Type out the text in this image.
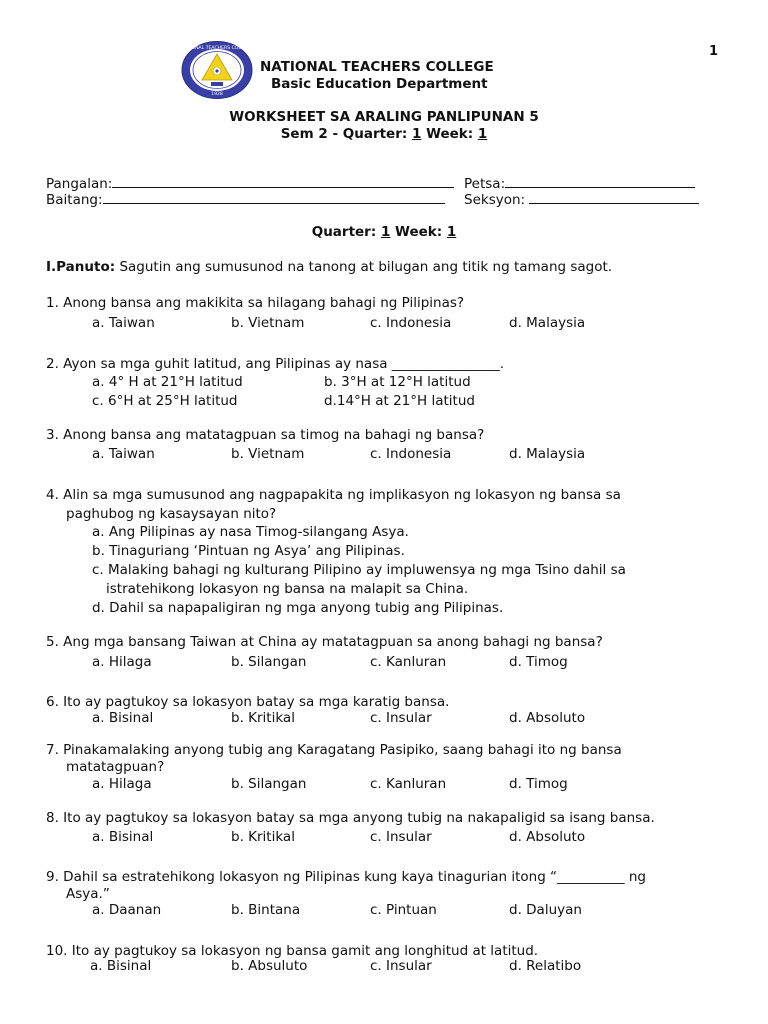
1
NATIONAL TEACHERS COLLEGE
1928
NATIONAL TEACHERS COLLEGE
Basic Education Department
WORKSHEET SA ARALING PANLIPUNAN 5
Sem 2 - Quarter: 1 Week: 1
Pangalan:	Petsa:
Baitang:	Seksyon:
Quarter: 1 Week: 1
I.Panuto: Sagutin ang sumusunod na tanong at bilugan ang titik ng tamang sagot.
1. Anong bansa ang makikita sa hilagang bahagi ng Pilipinas?
a. Taiwan	b. Vietnam	c. Indonesia	d. Malaysia
2. Ayon sa mga guhit latitud, ang Pilipinas ay nasa ________________.
a. 4° H at 21°H latitud	b. 3°H at 12°H latitud
c. 6°H at 25°H latitud	d.14°H at 21°H latitud
3. Anong bansa ang matatagpuan sa timog na bahagi ng bansa?
a. Taiwan	b. Vietnam	c. Indonesia	d. Malaysia
4. Alin sa mga sumusunod ang nagpapakita ng implikasyon ng lokasyon ng bansa sa
paghubog ng kasaysayan nito?
a. Ang Pilipinas ay nasa Timog-silangang Asya.
b. Tinaguriang ‘Pintuan ng Asya’ ang Pilipinas.
c. Malaking bahagi ng kulturang Pilipino ay impluwensya ng mga Tsino dahil sa
istratehikong lokasyon ng bansa na malapit sa China.
d. Dahil sa napapaligiran ng mga anyong tubig ang Pilipinas.
5. Ang mga bansang Taiwan at China ay matatagpuan sa anong bahagi ng bansa?
a. Hilaga	b. Silangan	c. Kanluran	d. Timog
6. Ito ay pagtukoy sa lokasyon batay sa mga karatig bansa.
a. Bisinal	b. Kritikal	c. Insular	d. Absoluto
7. Pinakamalaking anyong tubig ang Karagatang Pasipiko, saang bahagi ito ng bansa
matatagpuan?
a. Hilaga	b. Silangan	c. Kanluran	d. Timog
8. Ito ay pagtukoy sa lokasyon batay sa mga anyong tubig na nakapaligid sa isang bansa.
a. Bisinal	b. Kritikal	c. Insular	d. Absoluto
9. Dahil sa estratehikong lokasyon ng Pilipinas kung kaya tinagurian itong “__________ ng
Asya.”
a. Daanan	b. Bintana	c. Pintuan	d. Daluyan
10. Ito ay pagtukoy sa lokasyon ng bansa gamit ang longhitud at latitud.
a. Bisinal	b. Absuluto	c. Insular	d. Relatibo
